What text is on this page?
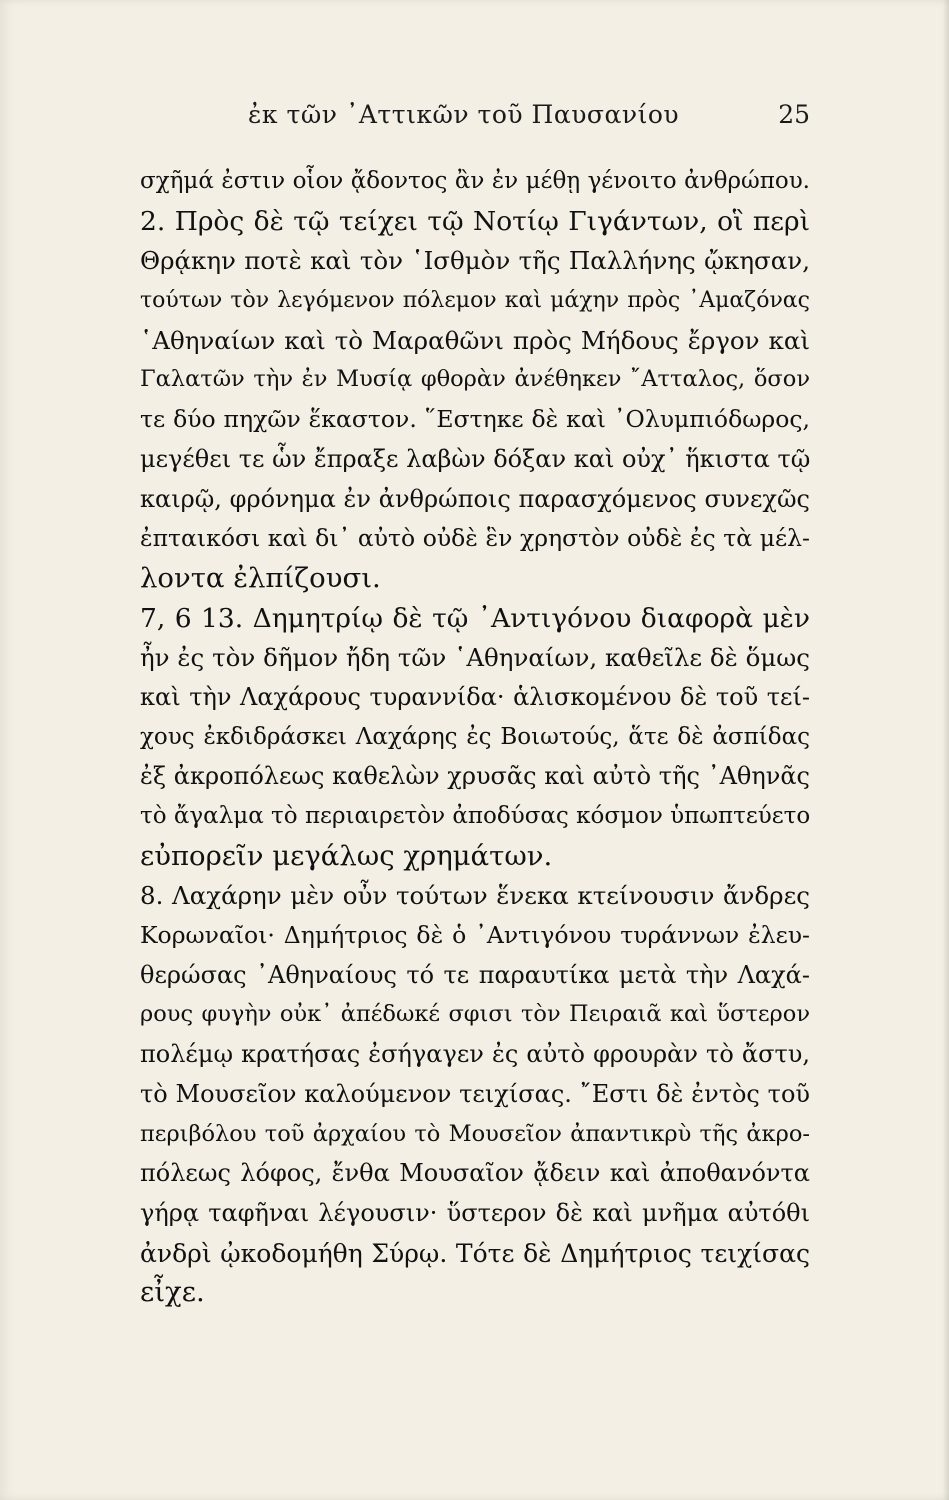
ἐκ τῶν ᾿Αττικῶν τοῦ Παυσανίου	25
σχῆμά ἐστιν οἷον ᾄδοντος ἂν ἐν μέθῃ γένοιτο ἀνθρώπου.
2. Πρὸς δὲ τῷ τείχει τῷ Νοτίῳ Γιγάντων, οἳ περὶ
Θρᾴκην ποτὲ καὶ τὸν ῾Ισθμὸν τῆς Παλλήνης ᾤκησαν,
τούτων τὸν λεγόμενον πόλεμον καὶ μάχην πρὸς ᾿Αμαζόνας
῾Αθηναίων καὶ τὸ Μαραθῶνι πρὸς Μήδους ἔργον καὶ
Γαλατῶν τὴν ἐν Μυσίᾳ φθορὰν ἀνέθηκεν ῎Ατταλος, ὅσον
τε δύο πηχῶν ἕκαστον. ῞Εστηκε δὲ καὶ ᾿Ολυμπιόδωρος,
μεγέθει τε ὧν ἔπραξε λαβὼν δόξαν καὶ οὐχ᾿ ἥκιστα τῷ
καιρῷ, φρόνημα ἐν ἀνθρώποις παρασχόμενος συνεχῶς
ἐπταικόσι καὶ δι᾿ αὐτὸ οὐδὲ ἓν χρηστὸν οὐδὲ ἐς τὰ μέλ-
λοντα ἐλπίζουσι.
7, 6 13. Δημητρίῳ δὲ τῷ ᾿Αντιγόνου διαφορὰ μὲν
ἦν ἐς τὸν δῆμον ἤδη τῶν ῾Αθηναίων, καθεῖλε δὲ ὅμως
καὶ τὴν Λαχάρους τυραννίδα· ἁλισκομένου δὲ τοῦ τεί-
χους ἐκδιδράσκει Λαχάρης ἐς Βοιωτούς, ἅτε δὲ ἀσπίδας
ἐξ ἀκροπόλεως καθελὼν χρυσᾶς καὶ αὐτὸ τῆς ᾿Αθηνᾶς
τὸ ἄγαλμα τὸ περιαιρετὸν ἀποδύσας κόσμον ὑπωπτεύετο
εὐπορεῖν μεγάλως χρημάτων.
8. Λαχάρην μὲν οὖν τούτων ἕνεκα κτείνουσιν ἄνδρες
Κορωναῖοι· Δημήτριος δὲ ὁ ᾿Αντιγόνου τυράννων ἐλευ-
θερώσας ᾿Αθηναίους τό τε παραυτίκα μετὰ τὴν Λαχά-
ρους φυγὴν οὐκ᾿ ἀπέδωκέ σφισι τὸν Πειραιᾶ καὶ ὕστερον
πολέμῳ κρατήσας ἐσήγαγεν ἐς αὐτὸ φρουρὰν τὸ ἄστυ,
τὸ Μουσεῖον καλούμενον τειχίσας. ῎Εστι δὲ ἐντὸς τοῦ
περιβόλου τοῦ ἀρχαίου τὸ Μουσεῖον ἀπαντικρὺ τῆς ἀκρο-
πόλεως λόφος, ἔνθα Μουσαῖον ᾄδειν καὶ ἀποθανόντα
γήρᾳ ταφῆναι λέγουσιν· ὕστερον δὲ καὶ μνῆμα αὐτόθι
ἀνδρὶ ᾠκοδομήθη Σύρῳ. Τότε δὲ Δημήτριος τειχίσας
εἶχε.
